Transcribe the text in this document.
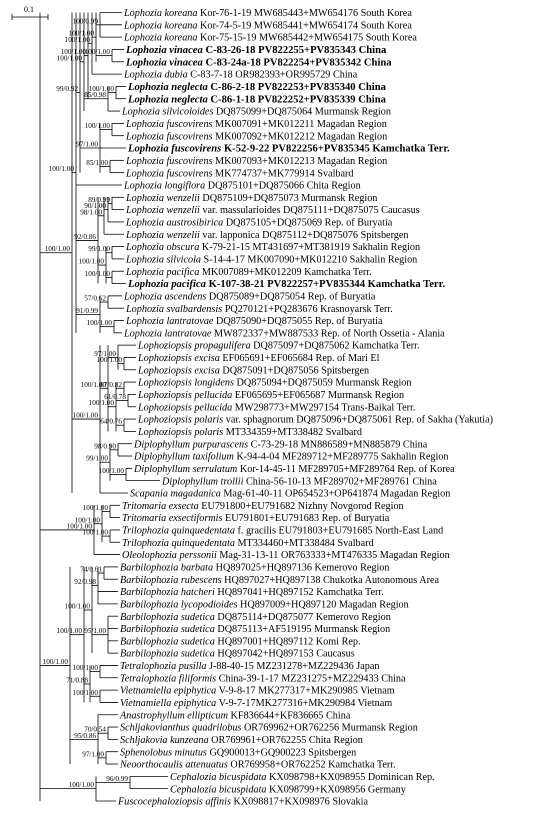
Lophozia koreana Kor-76-1-19 MW685443+MW654176 South Korea
Lophozia koreana Kor-74-5-19 MW685441+MW654174 South Korea
Lophozia koreana Kor-75-15-19 MW685442+MW654175 South Korea
Lophozia vinacea C-83-26-18 PV822255+PV835343 China
Lophozia vinacea C-83-24a-18 PV822254+PV835342 China
Lophozia dubia C-83-7-18 OR982393+OR995729 China
Lophozia neglecta C-86-2-18 PV822253+PV835340 China
Lophozia neglecta C-86-1-18 PV822252+PV835339 China
Lophozia silvicoloides DQ875099+DQ875064 Murmansk Region
Lophozia fuscovirens MK007091+MK012211 Magadan Region
Lophozia fuscovirens MK007092+MK012212 Magadan Region
Lophozia fuscovirens K-52-9-22 PV822256+PV835345 Kamchatka Terr.
Lophozia fuscovirens MK007093+MK012213 Magadan Region
Lophozia fuscovirens MK774737+MK779914 Svalbard
Lophozia longiflora DQ875101+DQ875066 Chita Region
Lophozia wenzelii DQ875109+DQ875073 Murmansk Region
Lophozia wenzelii var. massularioides DQ875111+DQ875075 Caucasus
Lophozia austrosibirica DQ875105+DQ875069 Rep. of Buryatia
Lophozia wenzelii var. lapponica DQ875112+DQ875076 Spitsbergen
Lophozia obscura K-79-21-15 MT431697+MT381919 Sakhalin Region
Lophozia silvicola S-14-4-17 MK007090+MK012210 Sakhalin Region
Lophozia pacifica MK007089+MK012209 Kamchatka Terr.
Lophozia pacifica K-107-38-21 PV822257+PV835344 Kamchatka Terr.
Lophozia ascendens DQ875089+DQ875054 Rep. of Buryatia
Lophozia svalbardensis PQ270121+PQ283676 Krasnoyarsk Terr.
Lophozia lantratovae DQ875090+DQ875055 Rep. of Buryatia
Lophozia lantratovae MW872337+MW887533 Rep. of North Ossetia - Alania
Lophoziopsis propagulifera DQ875097+DQ875062 Kamchatka Terr.
Lophoziopsis excisa EF065691+EF065684 Rep. of Mari El
Lophoziopsis excisa DQ875091+DQ875056 Spitsbergen
Lophoziopsis longidens DQ875094+DQ875059 Murmansk Region
Lophoziopsis pellucida EF065695+EF065687 Murmansk Region
Lophoziopsis pellucida MW298773+MW297154 Trans-Baikal Terr.
Lophoziopsis polaris var. sphagnorum DQ875096+DQ875061 Rep. of Sakha (Yakutia)
Lophoziopsis polaris MT334359+MT338482 Svalbard
Diplophyllum purpurascens C-73-29-18 MN886589+MN885879 China
Diplophyllum taxifolium K-94-4-04 MF289712+MF289775 Sakhalin Region
Diplophyllum serrulatum Kor-14-45-11 MF289705+MF289764 Rep. of Korea
Diplophyllum trollii China-56-10-13 MF289702+MF289761 China
Scapania magadanica Mag-61-40-11 OP654523+OP641874 Magadan Region
Tritomaria exsecta EU791800+EU791682 Nizhny Novgorod Region
Tritomaria exsectiformis EU791801+EU791683 Rep. of Buryatia
Trilophozia quinquedentata f. gracilis EU791803+EU791685 North-East Land
Trilophozia quinquedentata MT334460+MT338484 Svalbard
Oleolophozia perssonii Mag-31-13-11 OR763333+MT476335 Magadan Region
Barbilophozia barbata HQ897025+HQ897136 Kemerovo Region
Barbilophozia rubescens HQ897027+HQ897138 Chukotka Autonomous Area
Barbilophozia hatcheri HQ897041+HQ897152 Kamchatka Terr.
Barbilophozia lycopodioides HQ897009+HQ897120 Magadan Region
Barbilophozia sudetica DQ875114+DQ875077 Kemerovo Region
Barbilophozia sudetica DQ875113+AF519195 Murmansk Region
Barbilophozia sudetica HQ897001+HQ897112 Komi Rep.
Barbilophozia sudetica HQ897042+HQ897153 Caucasus
Tetralophozia pusilla J-88-40-15 MZ231278+MZ229436 Japan
Tetralophozia filiformis China-39-1-17 MZ231275+MZ229433 China
Vietnamiella epiphytica V-9-8-17 MK277317+MK290985 Vietnam
Vietnamiella epiphytica V-9-7-17MK277316+MK290984 Vietnam
Anastrophyllum ellipticum KF836644+KF836665 China
Schljakovianthus quadrilobus OR769962+OR762256 Murmansk Region
Schljakovia kunzeana OR769961+OR762255 Chita Region
Sphenolobus minutus GQ900013+GQ900223 Spitsbergen
Neoorthocaulis attenuatus OR769958+OR762252 Kamchatka Terr.
Cephalozia bicuspidata KX098798+KX098955 Dominican Rep.
Cephalozia bicuspidata KX098799+KX098956 Germany
Fuscocephaloziopsis affinis KX098817+KX098976 Slovakia
100/0.99
100/1.00
100/1.00
100/1.00
100/1.00
100/1.00
100/1.00
85/0.98
97/1.00
100/1.00
85/1.00
99/0.92
89/0.99
90/1.00
98/1.00
99/1.00
100/1.00
100/1.00
92/0.86
57/0.62
91/0.99
100/1.00
100/1.00
100/1.00
97/1.00
87/0.82
61/0.78
100/1.00
64/0.76
100/1.00
98/0.90
100/1.00
99/1.00
100/1.00
100/1.00
100/1.00
100/1.00
100/1.00
100/1.00
74/0.61
92/0.98
95/1.00
100/1.00
100/1.00
100/1.00
71/0.88
100/1.00
95/0.86
70/0.54
100/1.00
97/1.00
96/0.99
100/1.00
0.1
